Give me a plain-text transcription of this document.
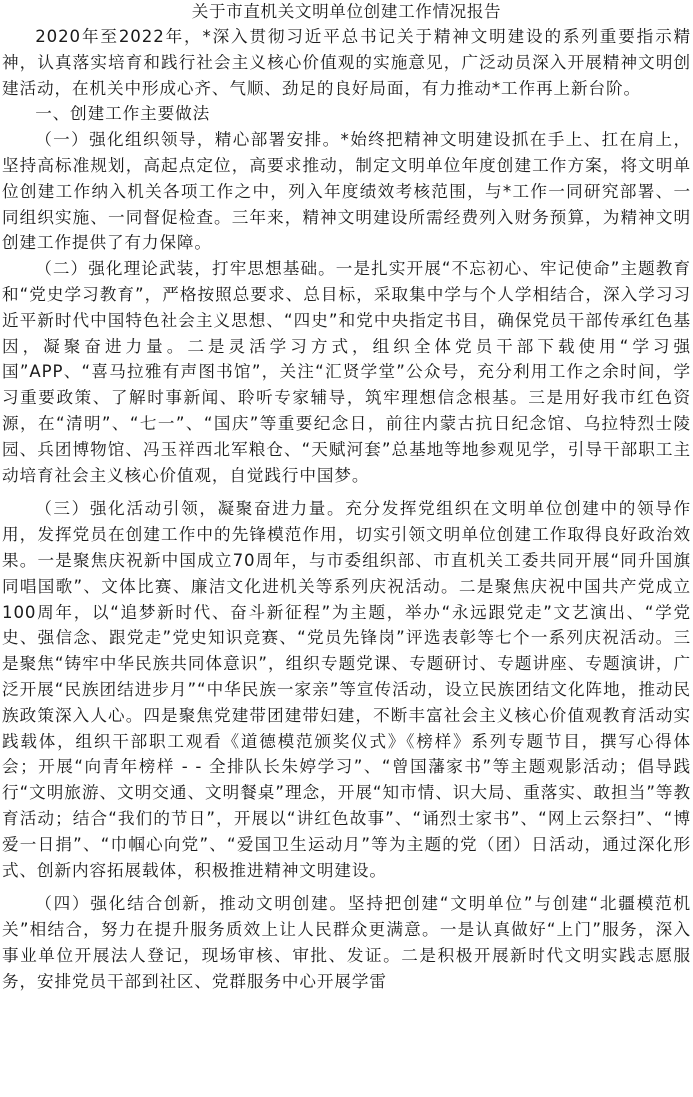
关于市直机关文明单位创建工作情况报告

2020年至2022年，*深入贯彻习近平总书记关于精神文明建设的系列重要指示精神，认真落实培育和践行社会主义核心价值观的实施意见，广泛动员深入开展精神文明创建活动，在机关中形成心齐、气顺、劲足的良好局面，有力推动*工作再上新台阶。

一、创建工作主要做法

（一）强化组织领导，精心部署安排。*始终把精神文明建设抓在手上、扛在肩上，坚持高标准规划，高起点定位，高要求推动，制定文明单位年度创建工作方案，将文明单位创建工作纳入机关各项工作之中，列入年度绩效考核范围，与*工作一同研究部署、一同组织实施、一同督促检查。三年来，精神文明建设所需经费列入财务预算，为精神文明创建工作提供了有力保障。

（二）强化理论武装，打牢思想基础。一是扎实开展“不忘初心、牢记使命”主题教育和“党史学习教育”，严格按照总要求、总目标，采取集中学与个人学相结合，深入学习习近平新时代中国特色社会主义思想、“四史”和党中央指定书目，确保党员干部传承红色基因，凝聚奋进力量。二是灵活学习方式，组织全体党员干部下载使用“学习强国”APP、“喜马拉雅有声图书馆”，关注“汇贤学堂”公众号，充分利用工作之余时间，学习重要政策、了解时事新闻、聆听专家辅导，筑牢理想信念根基。三是用好我市红色资源，在“清明”、“七一”、“国庆”等重要纪念日，前往内蒙古抗日纪念馆、乌拉特烈士陵园、兵团博物馆、冯玉祥西北军粮仓、“天赋河套”总基地等地参观见学，引导干部职工主动培育社会主义核心价值观，自觉践行中国梦。

（三）强化活动引领，凝聚奋进力量。充分发挥党组织在文明单位创建中的领导作用，发挥党员在创建工作中的先锋模范作用，切实引领文明单位创建工作取得良好政治效果。一是聚焦庆祝新中国成立70周年，与市委组织部、市直机关工委共同开展“同升国旗同唱国歌”、文体比赛、廉洁文化进机关等系列庆祝活动。二是聚焦庆祝中国共产党成立100周年，以“追梦新时代、奋斗新征程”为主题，举办“永远跟党走”文艺演出、“学党史、强信念、跟党走”党史知识竞赛、“党员先锋岗”评选表彰等七个一系列庆祝活动。三是聚焦“铸牢中华民族共同体意识”，组织专题党课、专题研讨、专题讲座、专题演讲，广泛开展“民族团结进步月”“中华民族一家亲”等宣传活动，设立民族团结文化阵地，推动民族政策深入人心。四是聚焦党建带团建带妇建，不断丰富社会主义核心价值观教育活动实践载体，组织干部职工观看《道德模范颁奖仪式》《榜样》系列专题节目，撰写心得体会；开展“向青年榜样 - - 全排队长朱婷学习”、“曾国藩家书”等主题观影活动；倡导践行“文明旅游、文明交通、文明餐桌”理念，开展“知市情、识大局、重落实、敢担当”等教育活动；结合“我们的节日”，开展以“讲红色故事”、“诵烈士家书”、“网上云祭扫”、“博爱一日捐”、“巾帼心向党”、“爱国卫生运动月”等为主题的党（团）日活动，通过深化形式、创新内容拓展载体，积极推进精神文明建设。

（四）强化结合创新，推动文明创建。坚持把创建“文明单位”与创建“北疆模范机关”相结合，努力在提升服务质效上让人民群众更满意。一是认真做好“上门”服务，深入事业单位开展法人登记，现场审核、审批、发证。二是积极开展新时代文明实践志愿服务，安排党员干部到社区、党群服务中心开展学雷
